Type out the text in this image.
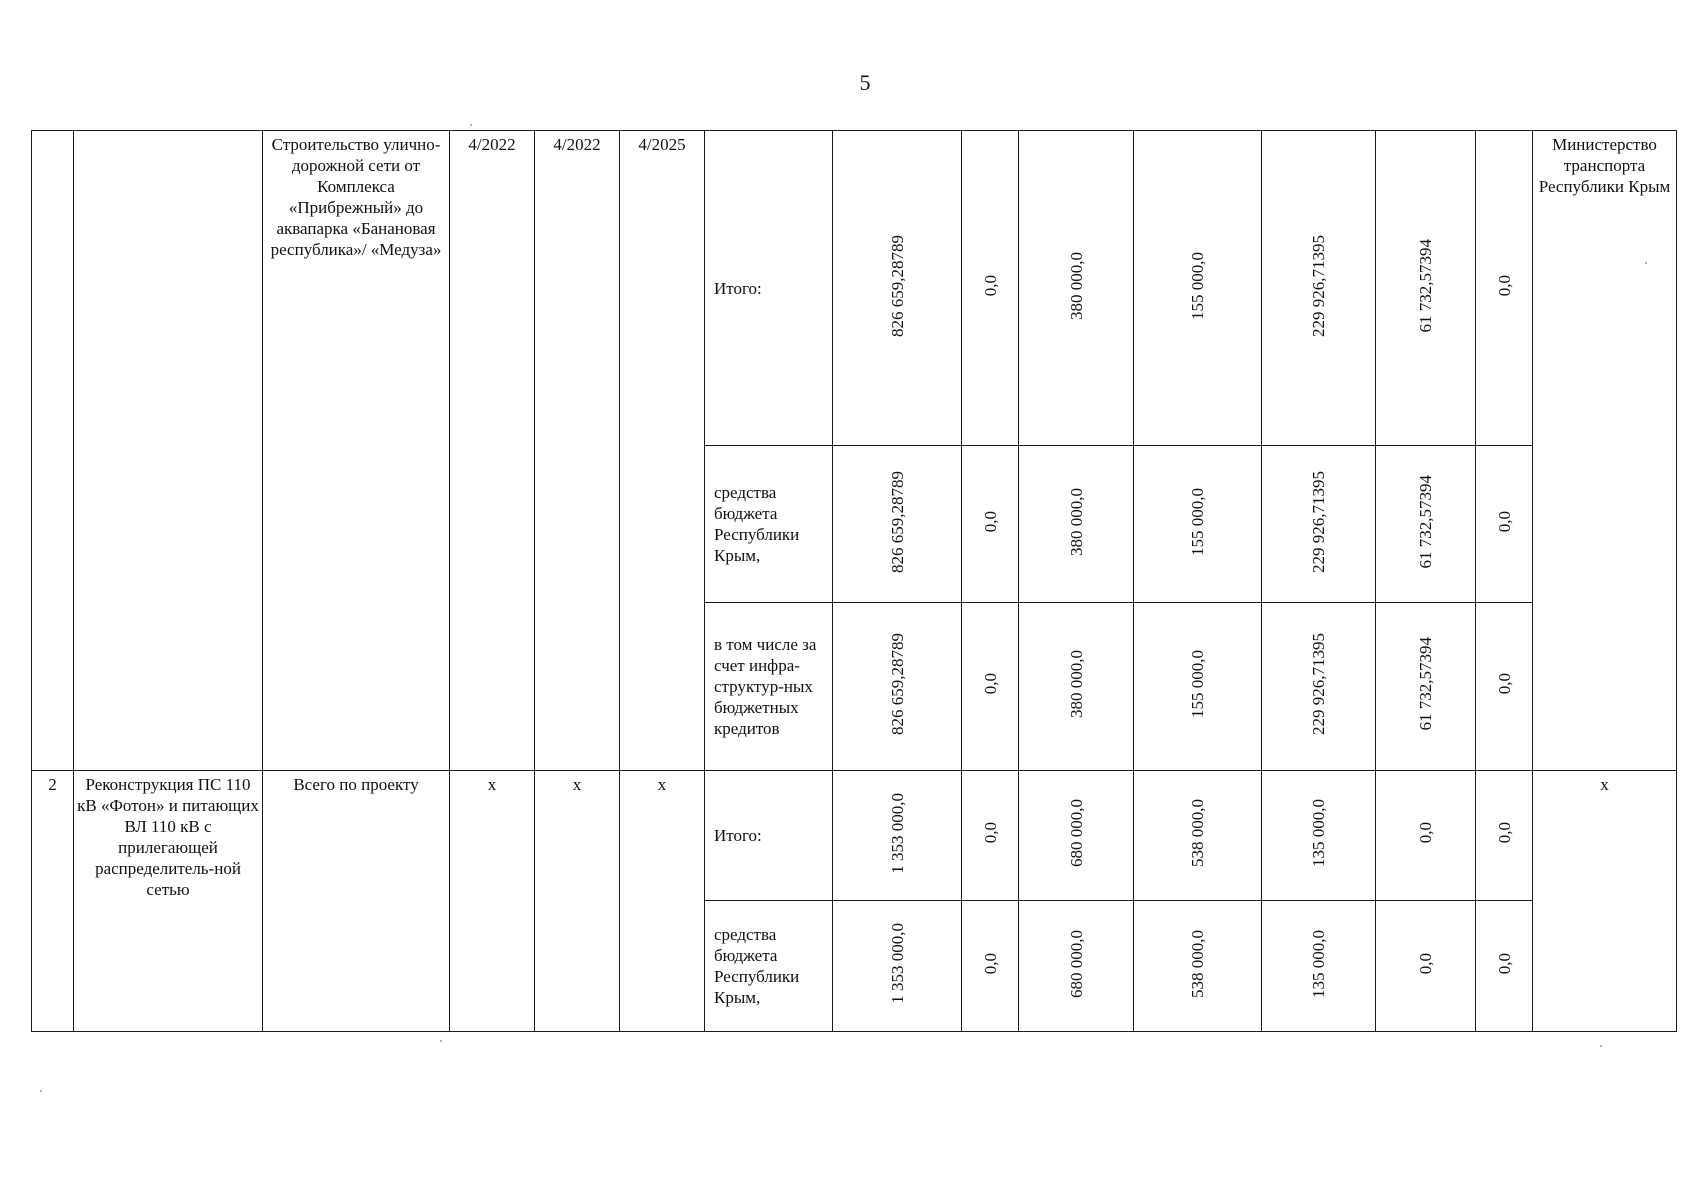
5
		Строительство улично-дорожной сети от Комплекса «Прибрежный» до аквапарка «Банановая республика»/ «Медуза»	4/2022	4/2022	4/2025	Итого:	826 659,28789	0,0	380 000,0	155 000,0	229 926,71395	61 732,57394	0,0	Министерство транспорта Республики Крым
						средства бюджета Республики Крым,	826 659,28789	0,0	380 000,0	155 000,0	229 926,71395	61 732,57394	0,0	
						в том числе за счет инфра-структур-ных бюджетных кредитов	826 659,28789	0,0	380 000,0	155 000,0	229 926,71395	61 732,57394	0,0	
2	Реконструкция ПС 110 кВ «Фотон» и питающих ВЛ 110 кВ с прилегающей распределитель-ной сетью	Всего по проекту	x	x	x	Итого:	1 353 000,0	0,0	680 000,0	538 000,0	135 000,0	0,0	0,0	x
						средства бюджета Республики Крым,	1 353 000,0	0,0	680 000,0	538 000,0	135 000,0	0,0	0,0	
